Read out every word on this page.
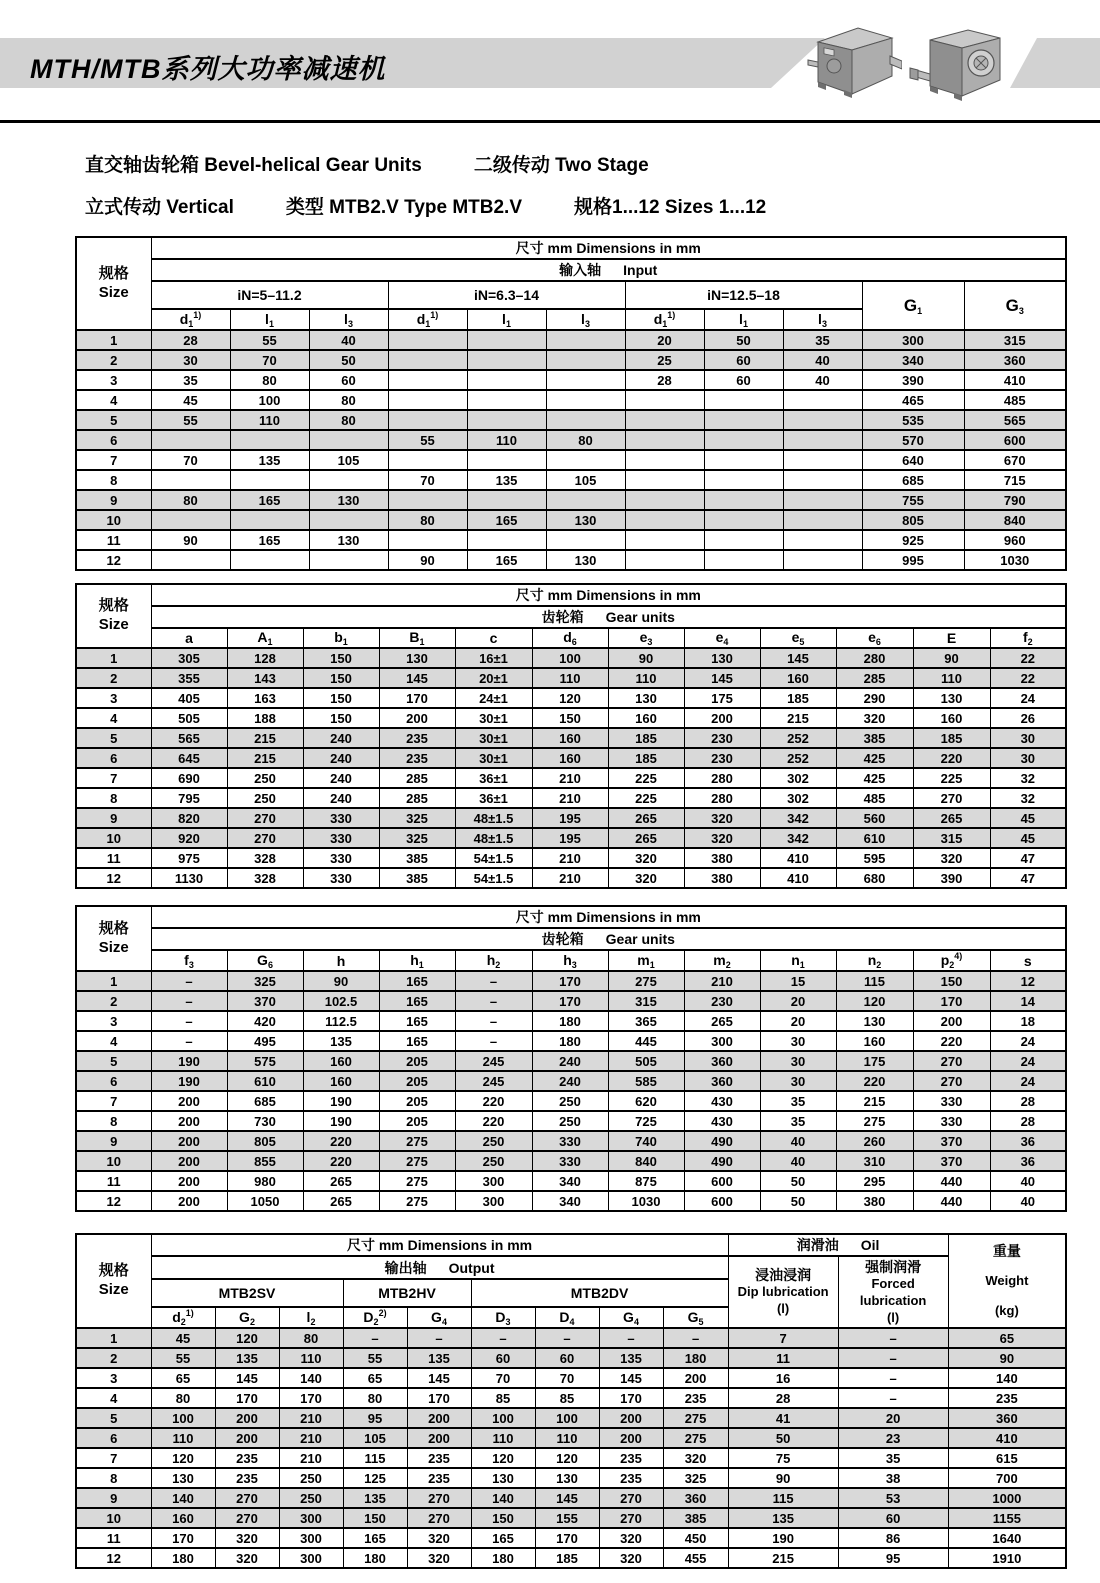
MTH/MTB系列大功率减速机
直交轴齿轮箱 Bevel-helical Gear Units	二级传动 Two Stage
立式传动 Vertical	类型 MTB2.V Type MTB2.V	规格1...12 Sizes 1...12
规格
Size	尺寸 mm Dimensions in mm										
	输入轴 Input										
	iN=5–11.2			iN=6.3–14			iN=12.5–18			G1	G3
	$d_1^{1)}$	$l_1$	$l_3$	$d_1^{1)}$	$l_1$	$l_3$	$d_1^{1)}$	$l_1$	$l_3$
1	28	55	40				20	50	35	300	315
2	30	70	50				25	60	40	340	360
3	35	80	60				28	60	40	390	410
4	45	100	80							465	485
5	55	110	80							535	565
6				55	110	80				570	600
7	70	135	105							640	670
8				70	135	105				685	715
9	80	165	130							755	790
10				80	165	130				805	840
11	90	165	130							925	960
12				90	165	130				995	1030
规格
Size	尺寸 mm Dimensions in mm											
	齿轮箱 Gear units											
	a	$A_1$	$b_1$	$B_1$	c	$d_6$	$e_3$	$e_4$	$e_5$	$e_6$	E	$f_2$
1	305	128	150	130	16±1	100	90	130	145	280	90	22
2	355	143	150	145	20±1	110	110	145	160	285	110	22
3	405	163	150	170	24±1	120	130	175	185	290	130	24
4	505	188	150	200	30±1	150	160	200	215	320	160	26
5	565	215	240	235	30±1	160	185	230	252	385	185	30
6	645	215	240	235	30±1	160	185	230	252	425	220	30
7	690	250	240	285	36±1	210	225	280	302	425	225	32
8	795	250	240	285	36±1	210	225	280	302	485	270	32
9	820	270	330	325	48±1.5	195	265	320	342	560	265	45
10	920	270	330	325	48±1.5	195	265	320	342	610	315	45
11	975	328	330	385	54±1.5	210	320	380	410	595	320	47
12	1130	328	330	385	54±1.5	210	320	380	410	680	390	47
规格
Size	尺寸 mm Dimensions in mm											
	齿轮箱 Gear units											
	$f_3$	$G_6$	h	$h_1$	$h_2$	$h_3$	$m_1$	$m_2$	$n_1$	$n_2$	$p_2^{4)}$	s
1	–	325	90	165	–	170	275	210	15	115	150	12
2	–	370	102.5	165	–	170	315	230	20	120	170	14
3	–	420	112.5	165	–	180	365	265	20	130	200	18
4	–	495	135	165	–	180	445	300	30	160	220	24
5	190	575	160	205	245	240	505	360	30	175	270	24
6	190	610	160	205	245	240	585	360	30	220	270	24
7	200	685	190	205	220	250	620	430	35	215	330	28
8	200	730	190	205	220	250	725	430	35	275	330	28
9	200	805	220	275	250	330	740	490	40	260	370	36
10	200	855	220	275	250	330	840	490	40	310	370	36
11	200	980	265	275	300	340	875	600	50	295	440	40
12	200	1050	265	275	300	340	1030	600	50	380	440	40
规格
Size
	尺寸 mm Dimensions in mm	润滑油 Oil	重量
Weight
(kg)

输出轴 Output	浸油浸润
Dip lubrication
(l)

强制润滑
Forced lubrication
(l)

	MTB2SV			MTB2HV		MTB2DV						
	$d_2^{1)}$	$G_2$	$l_2$	$D_2^{2)}$	$G_4$	$D_3$	$D_4$	$G_4$	$G_5$
1	45	120	80	–	–	–	–	–	–	7	–	65
2	55	135	110	55	135	60	60	135	180	11	–	90
3	65	145	140	65	145	70	70	145	200	16	–	140
4	80	170	170	80	170	85	85	170	235	28	–	235
5	100	200	210	95	200	100	100	200	275	41	20	360
6	110	200	210	105	200	110	110	200	275	50	23	410
7	120	235	210	115	235	120	120	235	320	75	35	615
8	130	235	250	125	235	130	130	235	325	90	38	700
9	140	270	250	135	270	140	145	270	360	115	53	1000
10	160	270	300	150	270	150	155	270	385	135	60	1155
11	170	320	300	165	320	165	170	320	450	190	86	1640
12	180	320	300	180	320	180	185	320	455	215	95	1910
